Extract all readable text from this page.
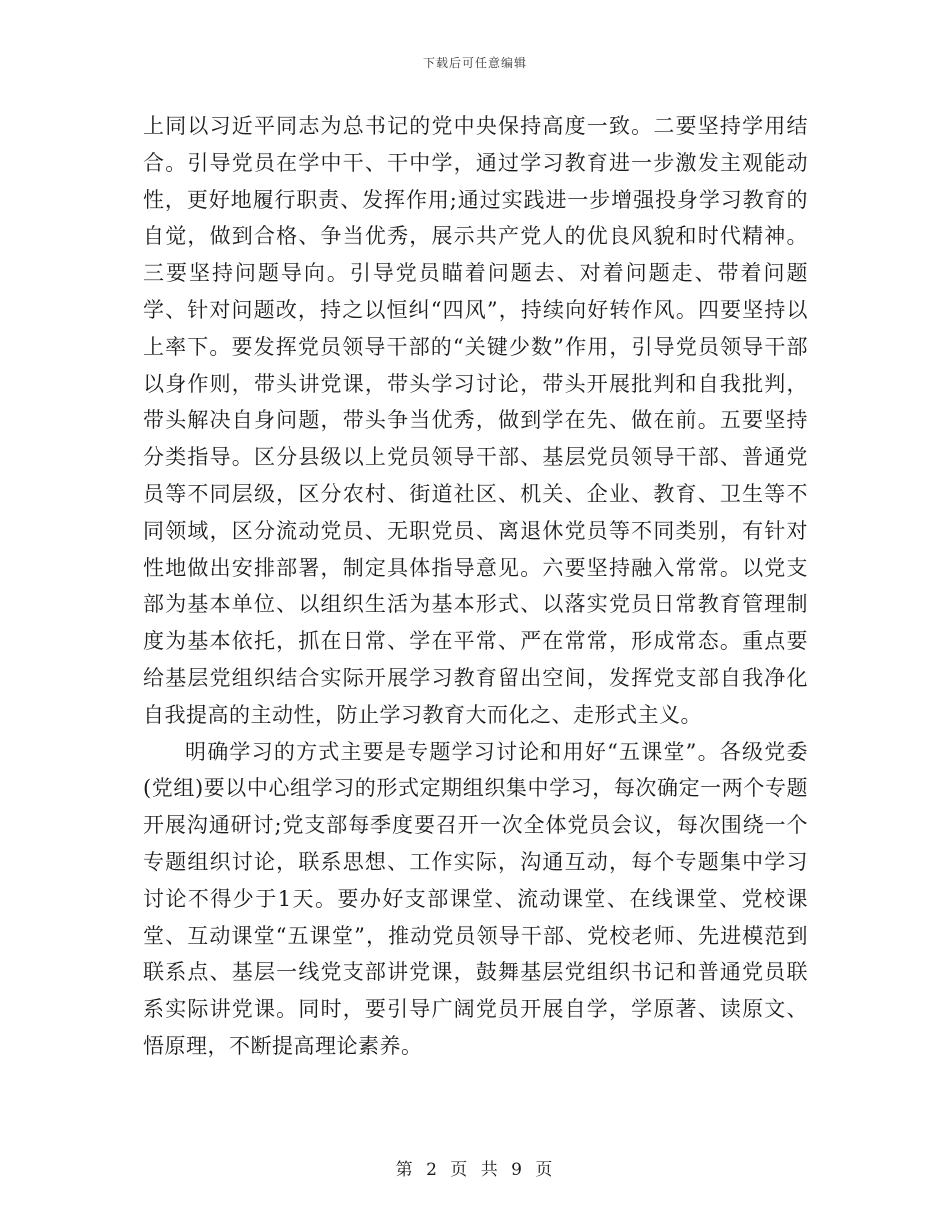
下载后可任意编辑

上同以习近平同志为总书记的党中央保持高度一致。二要坚持学用结合。引导党员在学中干、干中学，通过学习教育进一步激发主观能动性，更好地履行职责、发挥作用;通过实践进一步增强投身学习教育的自觉，做到合格、争当优秀，展示共产党人的优良风貌和时代精神。三要坚持问题导向。引导党员瞄着问题去、对着问题走、带着问题学、针对问题改，持之以恒纠“四风”，持续向好转作风。四要坚持以上率下。要发挥党员领导干部的“关键少数”作用，引导党员领导干部以身作则，带头讲党课，带头学习讨论，带头开展批判和自我批判，带头解决自身问题，带头争当优秀，做到学在先、做在前。五要坚持分类指导。区分县级以上党员领导干部、基层党员领导干部、普通党员等不同层级，区分农村、街道社区、机关、企业、教育、卫生等不同领域，区分流动党员、无职党员、离退休党员等不同类别，有针对性地做出安排部署，制定具体指导意见。六要坚持融入常常。以党支部为基本单位、以组织生活为基本形式、以落实党员日常教育管理制度为基本依托，抓在日常、学在平常、严在常常，形成常态。重点要给基层党组织结合实际开展学习教育留出空间，发挥党支部自我净化自我提高的主动性，防止学习教育大而化之、走形式主义。

明确学习的方式主要是专题学习讨论和用好“五课堂”。各级党委(党组)要以中心组学习的形式定期组织集中学习，每次确定一两个专题开展沟通研讨;党支部每季度要召开一次全体党员会议，每次围绕一个专题组织讨论，联系思想、工作实际，沟通互动，每个专题集中学习讨论不得少于1天。要办好支部课堂、流动课堂、在线课堂、党校课堂、互动课堂“五课堂”，推动党员领导干部、党校老师、先进模范到联系点、基层一线党支部讲党课，鼓舞基层党组织书记和普通党员联系实际讲党课。同时，要引导广阔党员开展自学，学原著、读原文、悟原理，不断提高理论素养。

第 2 页 共 9 页
